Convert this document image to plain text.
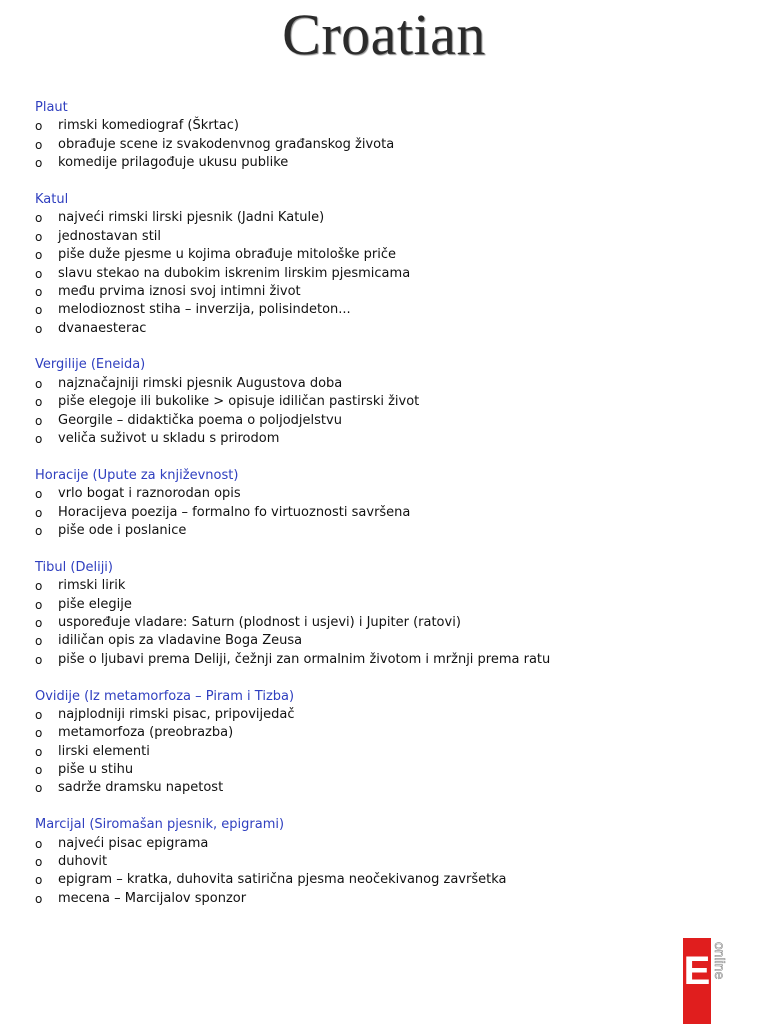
Croatian
Plaut
o rimski komediograf (Škrtac)
o obrađuje scene iz svakodenvnog građanskog života
o komedije prilagođuje ukusu publike
Katul
o najveći rimski lirski pjesnik (Jadni Katule)
o jednostavan stil
o piše duže pjesme u kojima obrađuje mitološke priče
o slavu stekao na dubokim iskrenim lirskim pjesmicama
o među prvima iznosi svoj intimni život
o melodioznost stiha – inverzija, polisindeton...
o dvanaesterac
Vergilije (Eneida)
o najznačajniji rimski pjesnik Augustova doba
o piše elegoje ili bukolike > opisuje idiličan pastirski život
o Georgile – didaktička poema o poljodjelstvu
o veliča suživot u skladu s prirodom
Horacije (Upute za književnost)
o vrlo bogat i raznorodan opis
o Horacijeva poezija – formalno fo virtuoznosti savršena
o piše ode i poslanice
Tibul (Deliji)
o rimski lirik
o piše elegije
o uspoređuje vladare: Saturn (plodnost i usjevi) i Jupiter (ratovi)
o idiličan opis za vladavine Boga Zeusa
o piše o ljubavi prema Deliji, čežnji zan ormalnim životom i mržnji prema ratu
Ovidije (Iz metamorfoza – Piram i Tizba)
o najplodniji rimski pisac, pripovijedač
o metamorfoza (preobrazba)
o lirski elementi
o piše u stihu
o sadrže dramsku napetost
Marcijal (Siromašan pjesnik, epigrami)
o najveći pisac epigrama
o duhovit
o epigram – kratka, duhovita satirična pjesma neočekivanog završetka
o mecena – Marcijalov sponzor
E online
